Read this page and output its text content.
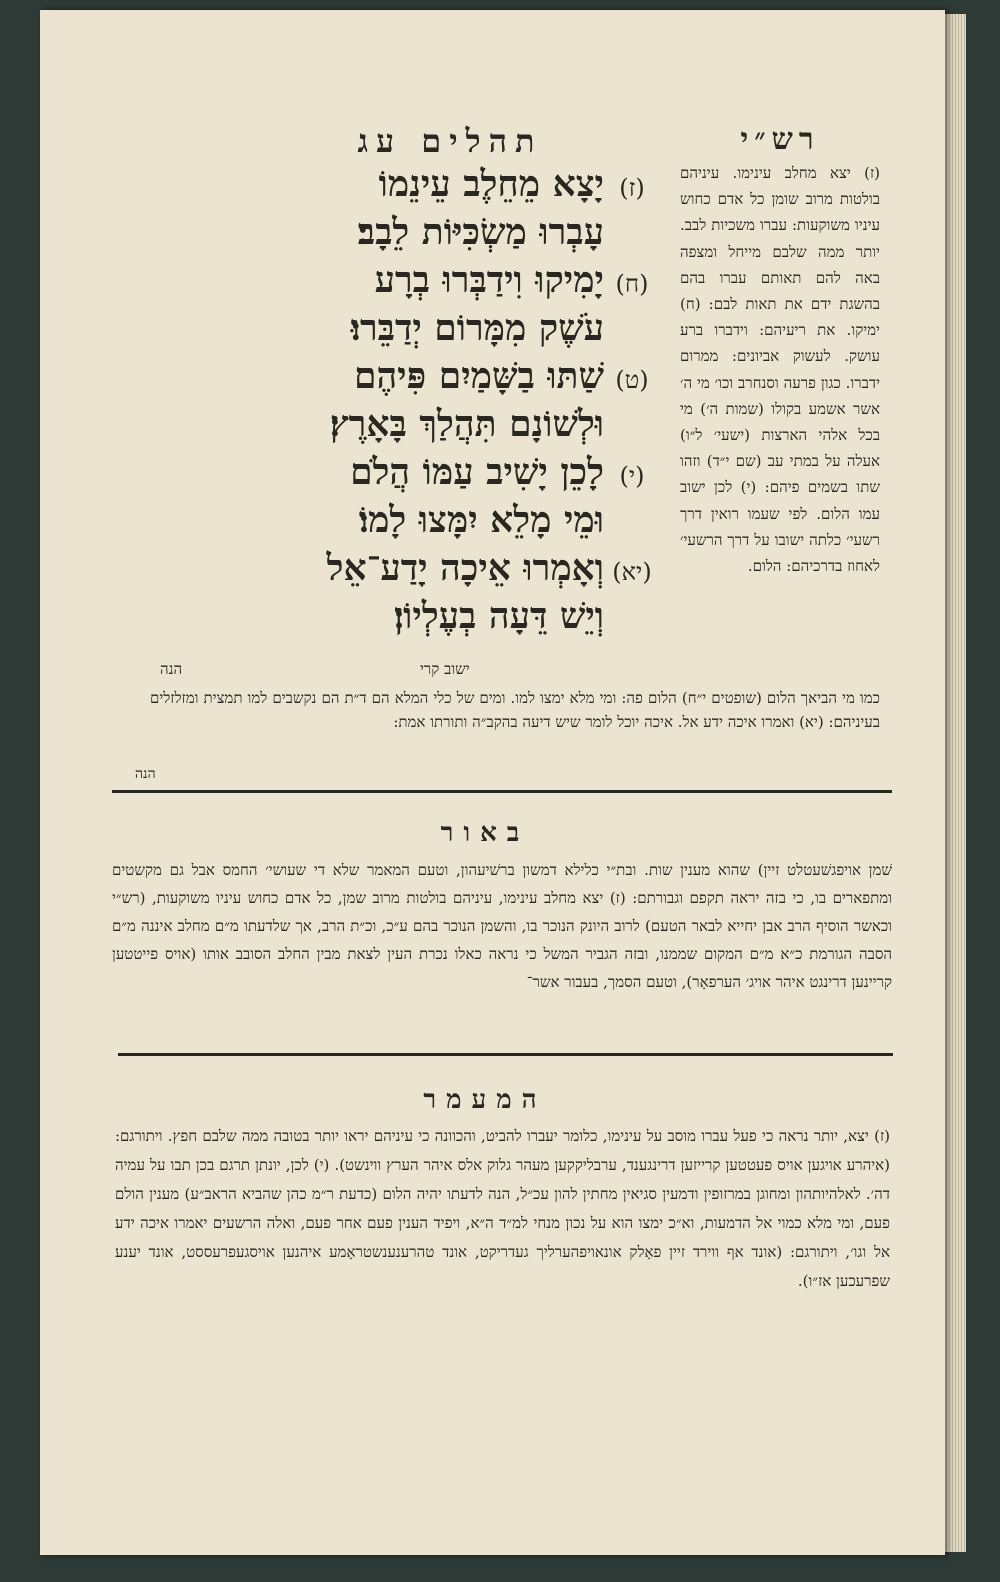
תהלים עג	רש״י
(ז)
יָצָא מֵחֵלֶב עֵינֵמוֹ
עָבְרוּ מַשְׂכִּיּוֹת לֵבָב׃
(ח)
יָמִיקוּ וִידַבְּרוּ בְרָע
עֹשֶׁק מִמָּרוֹם יְדַבֵּרוּ׃
(ט)
שַׁתּוּ בַשָּׁמַיִם פִּיהֶם
וּלְשׁוֹנָם תִּהֲלַךְ בָּאָרֶץ׃
(י)
לָכֵן יָשִׁיב עַמּוֹ הֲלֹם
וּמֵי מָלֵא יִמָּצוּ לָמוֹ׃
(יא)
וְאָמְרוּ אֵיכָה יָדַע־אֵל
וְיֵשׁ דֵּעָה בְעֶלְיוֹן׃

(ז) יצא מחלב עינימו. עיניהם בולטות מרוב שומן כל אדם כחוש עיניו משוקעות: עברו משכיות לבב. יותר ממה שלבם מייחל ומצפה באה להם תאותם עברו בהם בהשגת ידם את תאות לבם: (ח) ימיקו. את ריעיהם: וידברו ברע עושק. לעשוק אביונים: ממרום ידברו. כגון פרעה וסנחרב וכו׳ מי ה׳ אשר אשמע בקולו (שמות ה׳) מי בכל אלהי הארצות (ישעי׳ ל״ו) אעלה על במתי עב (שם י״ד) וזהו שתו בשמים פיהם: (י) לכן ישוב עמו הלום. לפי שעמו רואין דרך רשעי׳ כלתה ישובו על דרך הרשעי׳ לאחוז בדרכיהם: הלום.

ישוב קרי
הנה

כמו מי הביאך הלום (שופטים י״ח) הלום פה: ומי מלא ימצו למו. ומים של כלי המלא הם ד״ת הם נקשבים למו תמצית ומזלזלים בעיניהם: (יא) ואמרו איכה ידע אל. איכה יוכל לומר שיש דיעה בהקב״ה ותורתו אמת:

הנה
באור

שׁמן אויפגשׁעטלט זיין) שהוא מענין שות. ובת״י כלילא דמשון ברשׁיעהון, וטעם המאמר שלא די שעושי׳ החמס אבל גם מקשטים ומתפארים בו, כי בזה יראה תקפם וגבורתם: (ז) יצא מחלב עינימו, עיניהם בולטות מרוב שמן, כל אדם כחוש עיניו משוקעות, (רש״י וכאשר הוסיף הרב אבן יחייא לבאר הטעם) לרוב היונק הנוכר בו, והשמן הנוכר בהם ע״כ, וכ״ת הרב, אך שלדעתו מ״ם מחלב איננה מ״ם הסבה הגורמת כ״א מ״ם המקום שממנו, ובזה הגביר המשל כי נראה כאלו נכרת העין לצאת מבין החלב הסובב אותו (אויס פייטטען קריינען דרינגט איהר אויג׳ הערפאָר), וטעם הסמך, בעבור אשר־

המעמר

(ז) יצא, יותר נראה כי פעל עברו מוסב על עינימו, כלומר יעברו להביט, והכוונה כי עיניהם יראו יותר בטובה ממה שלבם חפץ. ויתורגם: (איהרע אויגען אויס פעטטען קרייזען דרינגענד, ערבליקקען מעהר גלוק אלס איהר הערץ ווינשט). (י) לכן, יונתן תרגם בכן תבו על עמיה דה׳. לאלהיותהון ומחוגן במרזופין ודמעין סגיאין מחתין להון עכ״ל, הנה לדעתו יהיה הלום (כדעת ר״מ כהן שהביא הראב״ע) מענין הולם פעם, ומי מלא כמוי אל הדמעות, וא״כ ימצו הוא על נכון מנחי למ״ד ה״א, ויפיד הענין פעם אחר פעם, ואלה הרשעים יאמרו איכה ידע אל וגו׳, ויתורגם: (אונד אף ווירד זיין פאָלק אונאויפהערליך געדריקט, אונד טהרענענשטראָמע איהנען אויסגעפרעססט, אונד יענע שפרעכען אז״ו).
